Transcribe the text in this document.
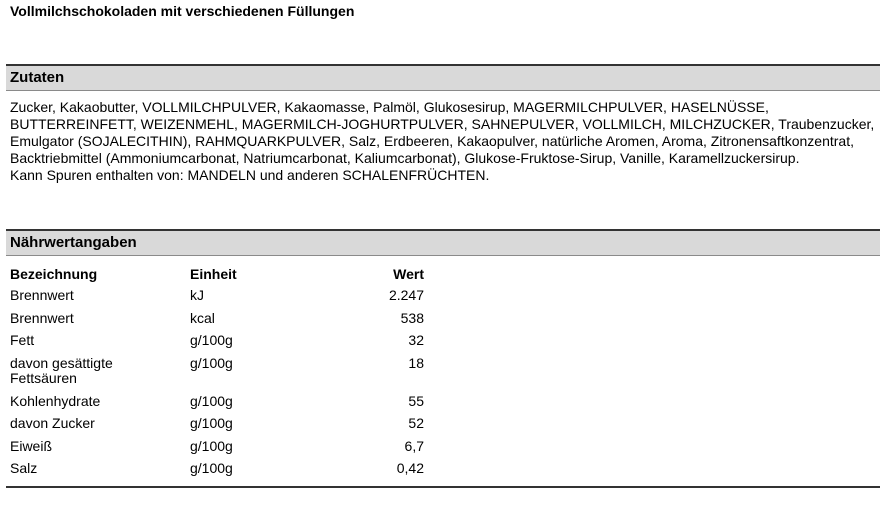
Vollmilchschokoladen mit verschiedenen Füllungen
Zutaten

Zucker, Kakaobutter, VOLLMILCHPULVER, Kakaomasse, Palmöl, Glukosesirup, MAGERMILCHPULVER, HASELNÜSSE, BUTTERREINFETT, WEIZENMEHL, MAGERMILCH-JOGHURTPULVER, SAHNEPULVER, VOLLMILCH, MILCHZUCKER, Traubenzucker, Emulgator (SOJALECITHIN), RAHMQUARKPULVER, Salz, Erdbeeren, Kakaopulver, natürliche Aromen, Aroma, Zitronensaftkonzentrat, Backtriebmittel (Ammoniumcarbonat, Natriumcarbonat, Kaliumcarbonat), Glukose-Fruktose-Sirup, Vanille, Karamellzuckersirup.

Kann Spuren enthalten von: MANDELN und anderen SCHALENFRÜCHTEN.

Nährwertangaben
Bezeichnung	Einheit	Wert
Brennwert	kJ	2.247
Brennwert	kcal	538
Fett	g/100g	32
davon gesättigte Fettsäuren	g/100g	18
Kohlenhydrate	g/100g	55
davon Zucker	g/100g	52
Eiweiß	g/100g	6,7
Salz	g/100g	0,42
